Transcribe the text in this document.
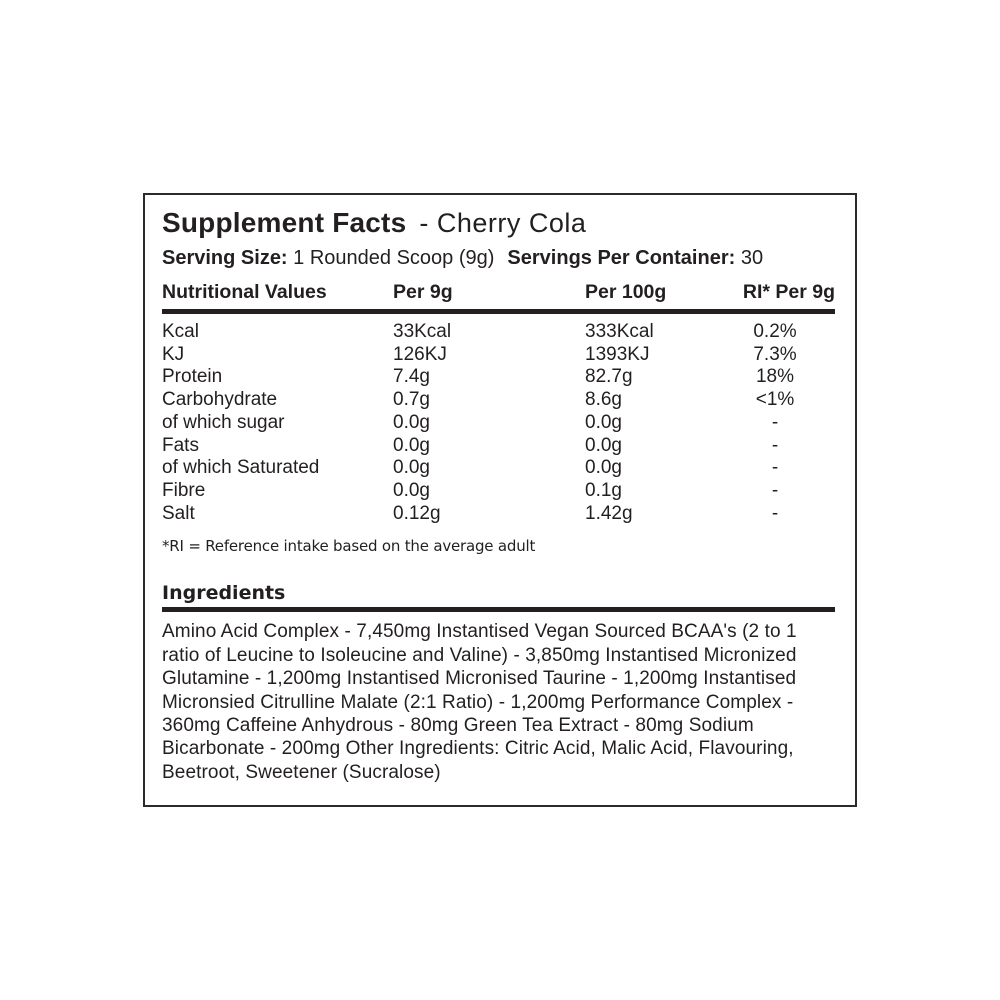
Supplement Facts - Cherry Cola
Serving Size: 1 Rounded Scoop (9g) Servings Per Container: 30
Nutritional Values	Per 9g	Per 100g	RI* Per 9g
Kcal	33Kcal	333Kcal	0.2%
KJ	126KJ	1393KJ	7.3%
Protein	7.4g	82.7g	18%
Carbohydrate	0.7g	8.6g	<1%
of which sugar	0.0g	0.0g	-
Fats	0.0g	0.0g	-
of which Saturated	0.0g	0.0g	-
Fibre	0.0g	0.1g	-
Salt	0.12g	1.42g	-
*RI = Reference intake based on the average adult
Ingredients
Amino Acid Complex - 7,450mg Instantised Vegan Sourced BCAA's (2 to 1 ratio of Leucine to Isoleucine and Valine) - 3,850mg Instantised Micronized Glutamine - 1,200mg Instantised Micronised Taurine - 1,200mg Instantised Micronsied Citrulline Malate (2:1 Ratio) - 1,200mg Performance Complex - 360mg Caffeine Anhydrous - 80mg Green Tea Extract - 80mg Sodium Bicarbonate - 200mg Other Ingredients: Citric Acid, Malic Acid, Flavouring, Beetroot, Sweetener (Sucralose)
